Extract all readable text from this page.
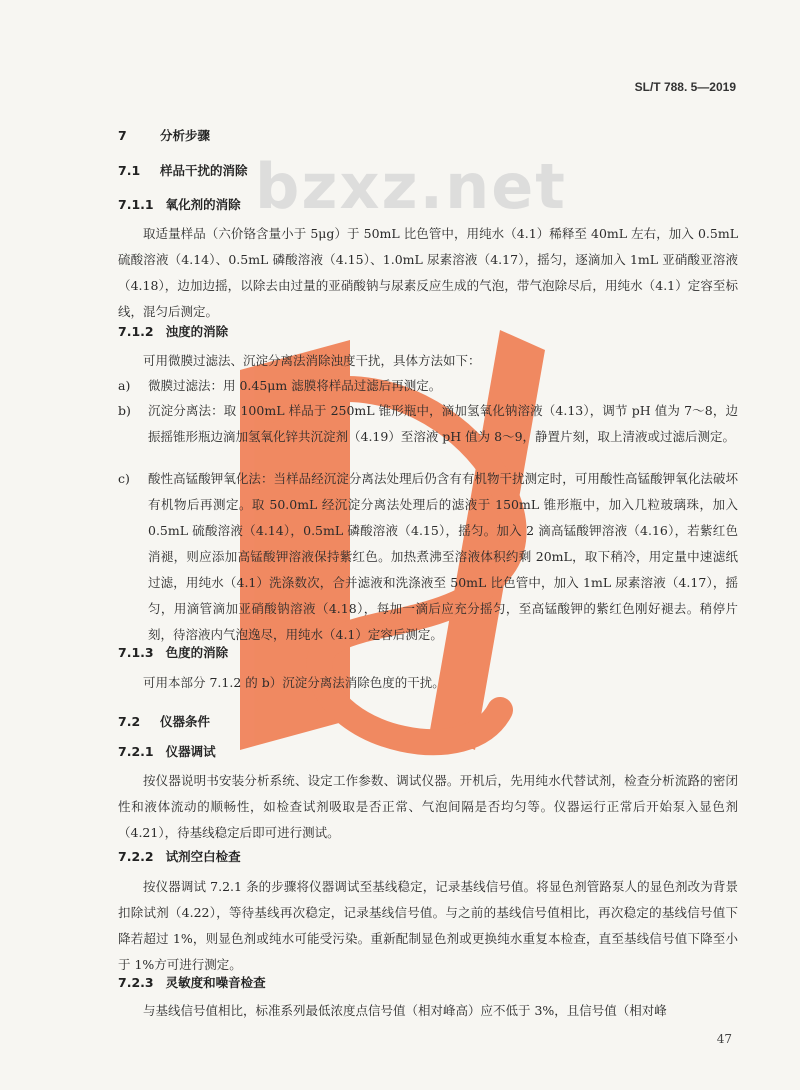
SL/T 788. 5—2019
bzxz.net
7	分析步骤
7.1 样品干扰的消除
7.1.1 氧化剂的消除
取适量样品（六价铬含量小于 5μg）于 50mL 比色管中，用纯水（4.1）稀释至 40mL 左右，加入 0.5mL 硫酸溶液（4.14）、0.5mL 磷酸溶液（4.15）、1.0mL 尿素溶液（4.17），摇匀，逐滴加入 1mL 亚硝酸亚溶液（4.18），边加边摇，以除去由过量的亚硝酸钠与尿素反应生成的气泡，带气泡除尽后，用纯水（4.1）定容至标线，混匀后测定。
7.1.2 浊度的消除
可用微膜过滤法、沉淀分离法消除浊度干扰，具体方法如下：
a) 微膜过滤法：用 0.45μm 滤膜将样品过滤后再测定。
b) 沉淀分离法：取 100mL 样品于 250mL 锥形瓶中，滴加氢氧化钠溶液（4.13），调节 pH 值为 7～8，边振摇锥形瓶边滴加氢氧化锌共沉淀剂（4.19）至溶液 pH 值为 8～9，静置片刻，取上清液或过滤后测定。
c) 酸性高锰酸钾氧化法：当样品经沉淀分离法处理后仍含有有机物干扰测定时，可用酸性高锰酸钾氧化法破坏有机物后再测定。取 50.0mL 经沉淀分离法处理后的滤液于 150mL 锥形瓶中，加入几粒玻璃珠，加入 0.5mL 硫酸溶液（4.14），0.5mL 磷酸溶液（4.15），摇匀。加入 2 滴高锰酸钾溶液（4.16），若紫红色消褪，则应添加高锰酸钾溶液保持紫红色。加热煮沸至溶液体积约剩 20mL，取下稍冷，用定量中速滤纸过滤，用纯水（4.1）洗涤数次，合并滤液和洗涤液至 50mL 比色管中，加入 1mL 尿素溶液（4.17），摇匀，用滴管滴加亚硝酸钠溶液（4.18），每加一滴后应充分摇匀，至高锰酸钾的紫红色刚好褪去。稍停片刻，待溶液内气泡逸尽，用纯水（4.1）定容后测定。
7.1.3 色度的消除
可用本部分 7.1.2 的 b）沉淀分离法消除色度的干扰。
7.2 仪器条件
7.2.1 仪器调试
按仪器说明书安装分析系统、设定工作参数、调试仪器。开机后，先用纯水代替试剂，检查分析流路的密闭性和液体流动的顺畅性，如检查试剂吸取是否正常、气泡间隔是否均匀等。仪器运行正常后开始泵入显色剂（4.21），待基线稳定后即可进行测试。
7.2.2 试剂空白检查
按仪器调试 7.2.1 条的步骤将仪器调试至基线稳定，记录基线信号值。将显色剂管路泵人的显色剂改为背景扣除试剂（4.22），等待基线再次稳定，记录基线信号值。与之前的基线信号值相比，再次稳定的基线信号值下降若超过 1%，则显色剂或纯水可能受污染。重新配制显色剂或更换纯水重复本检查，直至基线信号值下降至小于 1%方可进行测定。
7.2.3 灵敏度和噪音检查
与基线信号值相比，标准系列最低浓度点信号值（相对峰高）应不低于 3%，且信号值（相对峰
47
